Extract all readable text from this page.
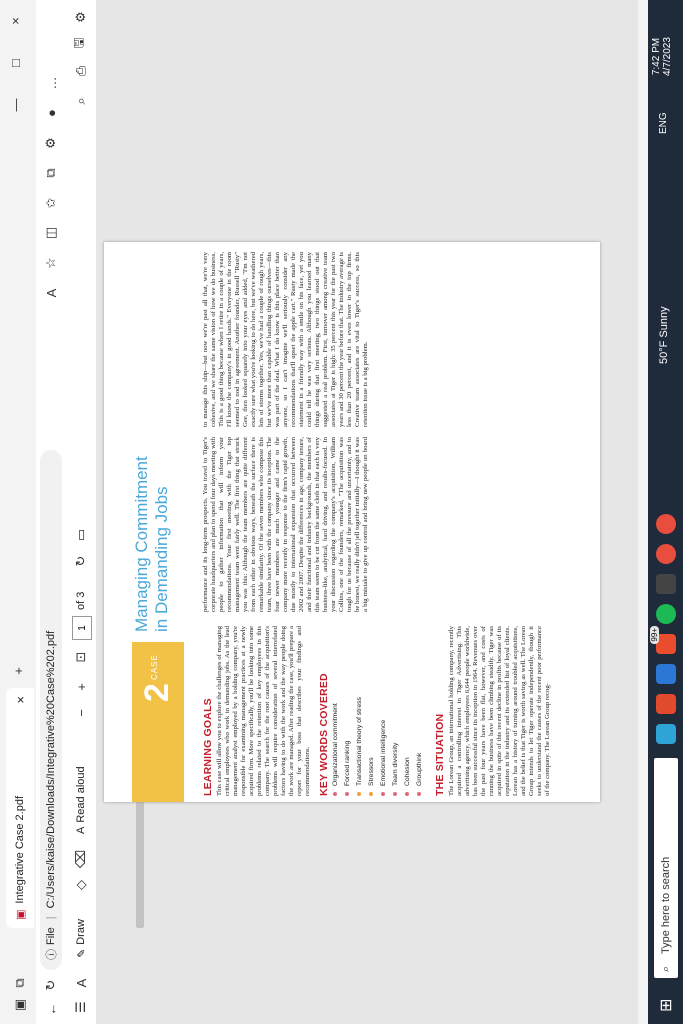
▣
⧉
▣
Integrative Case 2.pdf
×
+
—
□
×
←
↻
ⓘ
File
|
C:/Users/kaise/Downloads/Integrative%20Case%202.pdf
A
☆
◫
✩
⧉
⚙
●
…
☰
A
✎
Draw
◇
⌫
A
Read aloud
−
+
⊡
1
of 3
↻
▭
⌕
⎙
🖫
⚙
CASE
2
Managing Commitment in Demanding Jobs
LEARNING GOALS This case will allow you to explore the challenges of managing critical employees who work in demanding jobs. As the lead management analyst employed by a holding company, you're responsible for examining management practices at a newly acquired firm. More specifically, you'll be looking into some problems related to the retention of key employees in this company. The search for the root causes of the acquisition's problems will require consideration of several interrelated factors having to do with the work and the way people doing the work are managed. After reading the case, you'll prepare a report for your boss that describes your findings and recommendations. KEY WORDS COVERED Organizational commitment Forced ranking Transactional theory of stress Stressors Emotional intelligence Team diversity Cohesion Groupthink THE SITUATION The Lorean Group, an international holding company, recently acquired a controlling interest in Tiger Advertising. This advertising agency, which employees 6,644 people worldwide, has been successful since its inception in 1964. Revenues over the past four years have been flat, however, and costs of running the business have been climbing steadily. Tiger was acquired in spite of this recent decline in profits because of its reputation in the industry and its extended list of loyal clients. Lorean has a history of turning around troubled acquisitions, and the belief is that Tiger is worth saving as well. The Lorean Group intends to let Tiger operate independently, though it seeks to understand the causes of the recent poor performance of the company. The Lorean Group recog-
performance and its long-term prospects. You travel to Tiger's corporate headquarters and plan to spend four days meeting with people to gather information that will inform your recommendations. Your first meeting with the Tiger top management team went fairly well. The first thing that struck you was this: Although the team members are quite different from each other in obvious ways, beneath the surface there is remarkable similarity. Of the seven members who compose this team, three have been with the company since its inception. The four newer members are much younger and came to the company more recently in response to the firm's rapid growth, due mostly to international expansion that occurred between 2002 and 2007. Despite the differences in age, company tenure, and their functional and industry backgrounds, the members of this team seem to be cut from the same cloth in that each is very business-like, analytical, hard driving, and results-focused. In your discussion regarding the company's acquisition, William Collins, one of the founders, remarked, "The acquisition was tough for us because of all the pressure and uncertainty, and to be honest, we really didn't jell together initially—I thought it was a big mistake to give up control and bring new people on board to manage this ship—but now we're past all that, we're very cohesive, and we share the same vision of how we do business. This is a good thing because when I retire in a couple of years, I'll know the company's in good hands." Everyone in the room seemed to nod in agreement. Another founder, Russell "Rusty" Gee, then looked squarely into your eyes and added, "I'm not exactly sure what you're looking to do here, but we've weathered lots of storms together. Yes, we've had a couple of rough years, but we've more than capable of handling things ourselves—this was part of the deal. What I do know is this place better than anyone, so I can't imagine we'll seriously consider any recommendations that'll upset the apple cart." Rusty made the statement in a friendly way with a smile on his face, yet you could tell he was very serious. Although you learned many things during that first meeting, two things stood out that suggested a real problem. First, turnover among creative team associates at Tiger is high: 35 percent this year for the past two years and 30 percent the year before that. The industry average is less than 20 percent, and it is even lower in the top firms. Creative team associates are vital to Tiger's success, so this retention issue is a big problem.
⊞
⌕
Type here to search
99+
50°F Sunny
ENG
7:42 PM 4/7/2023
